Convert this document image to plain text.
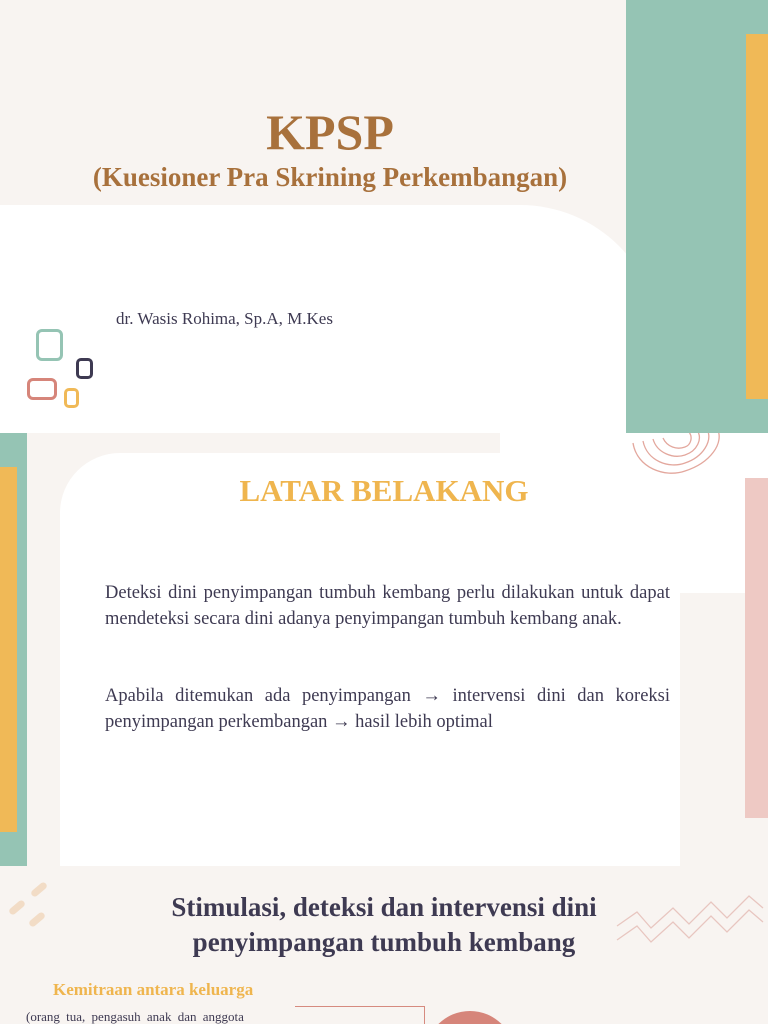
KPSP
(Kuesioner Pra Skrining Perkembangan)
dr. Wasis Rohima, Sp.A, M.Kes
LATAR BELAKANG

Deteksi dini penyimpangan tumbuh kembang perlu dilakukan untuk dapat mendeteksi secara dini adanya penyimpangan tumbuh kembang anak.

Apabila ditemukan ada penyimpangan → intervensi dini dan koreksi penyimpangan perkembangan → hasil lebih optimal

Stimulasi, deteksi dan intervensi dini
penyimpangan tumbuh kembang
Kemitraan antara keluarga
(orang tua, pengasuh anak dan anggota
